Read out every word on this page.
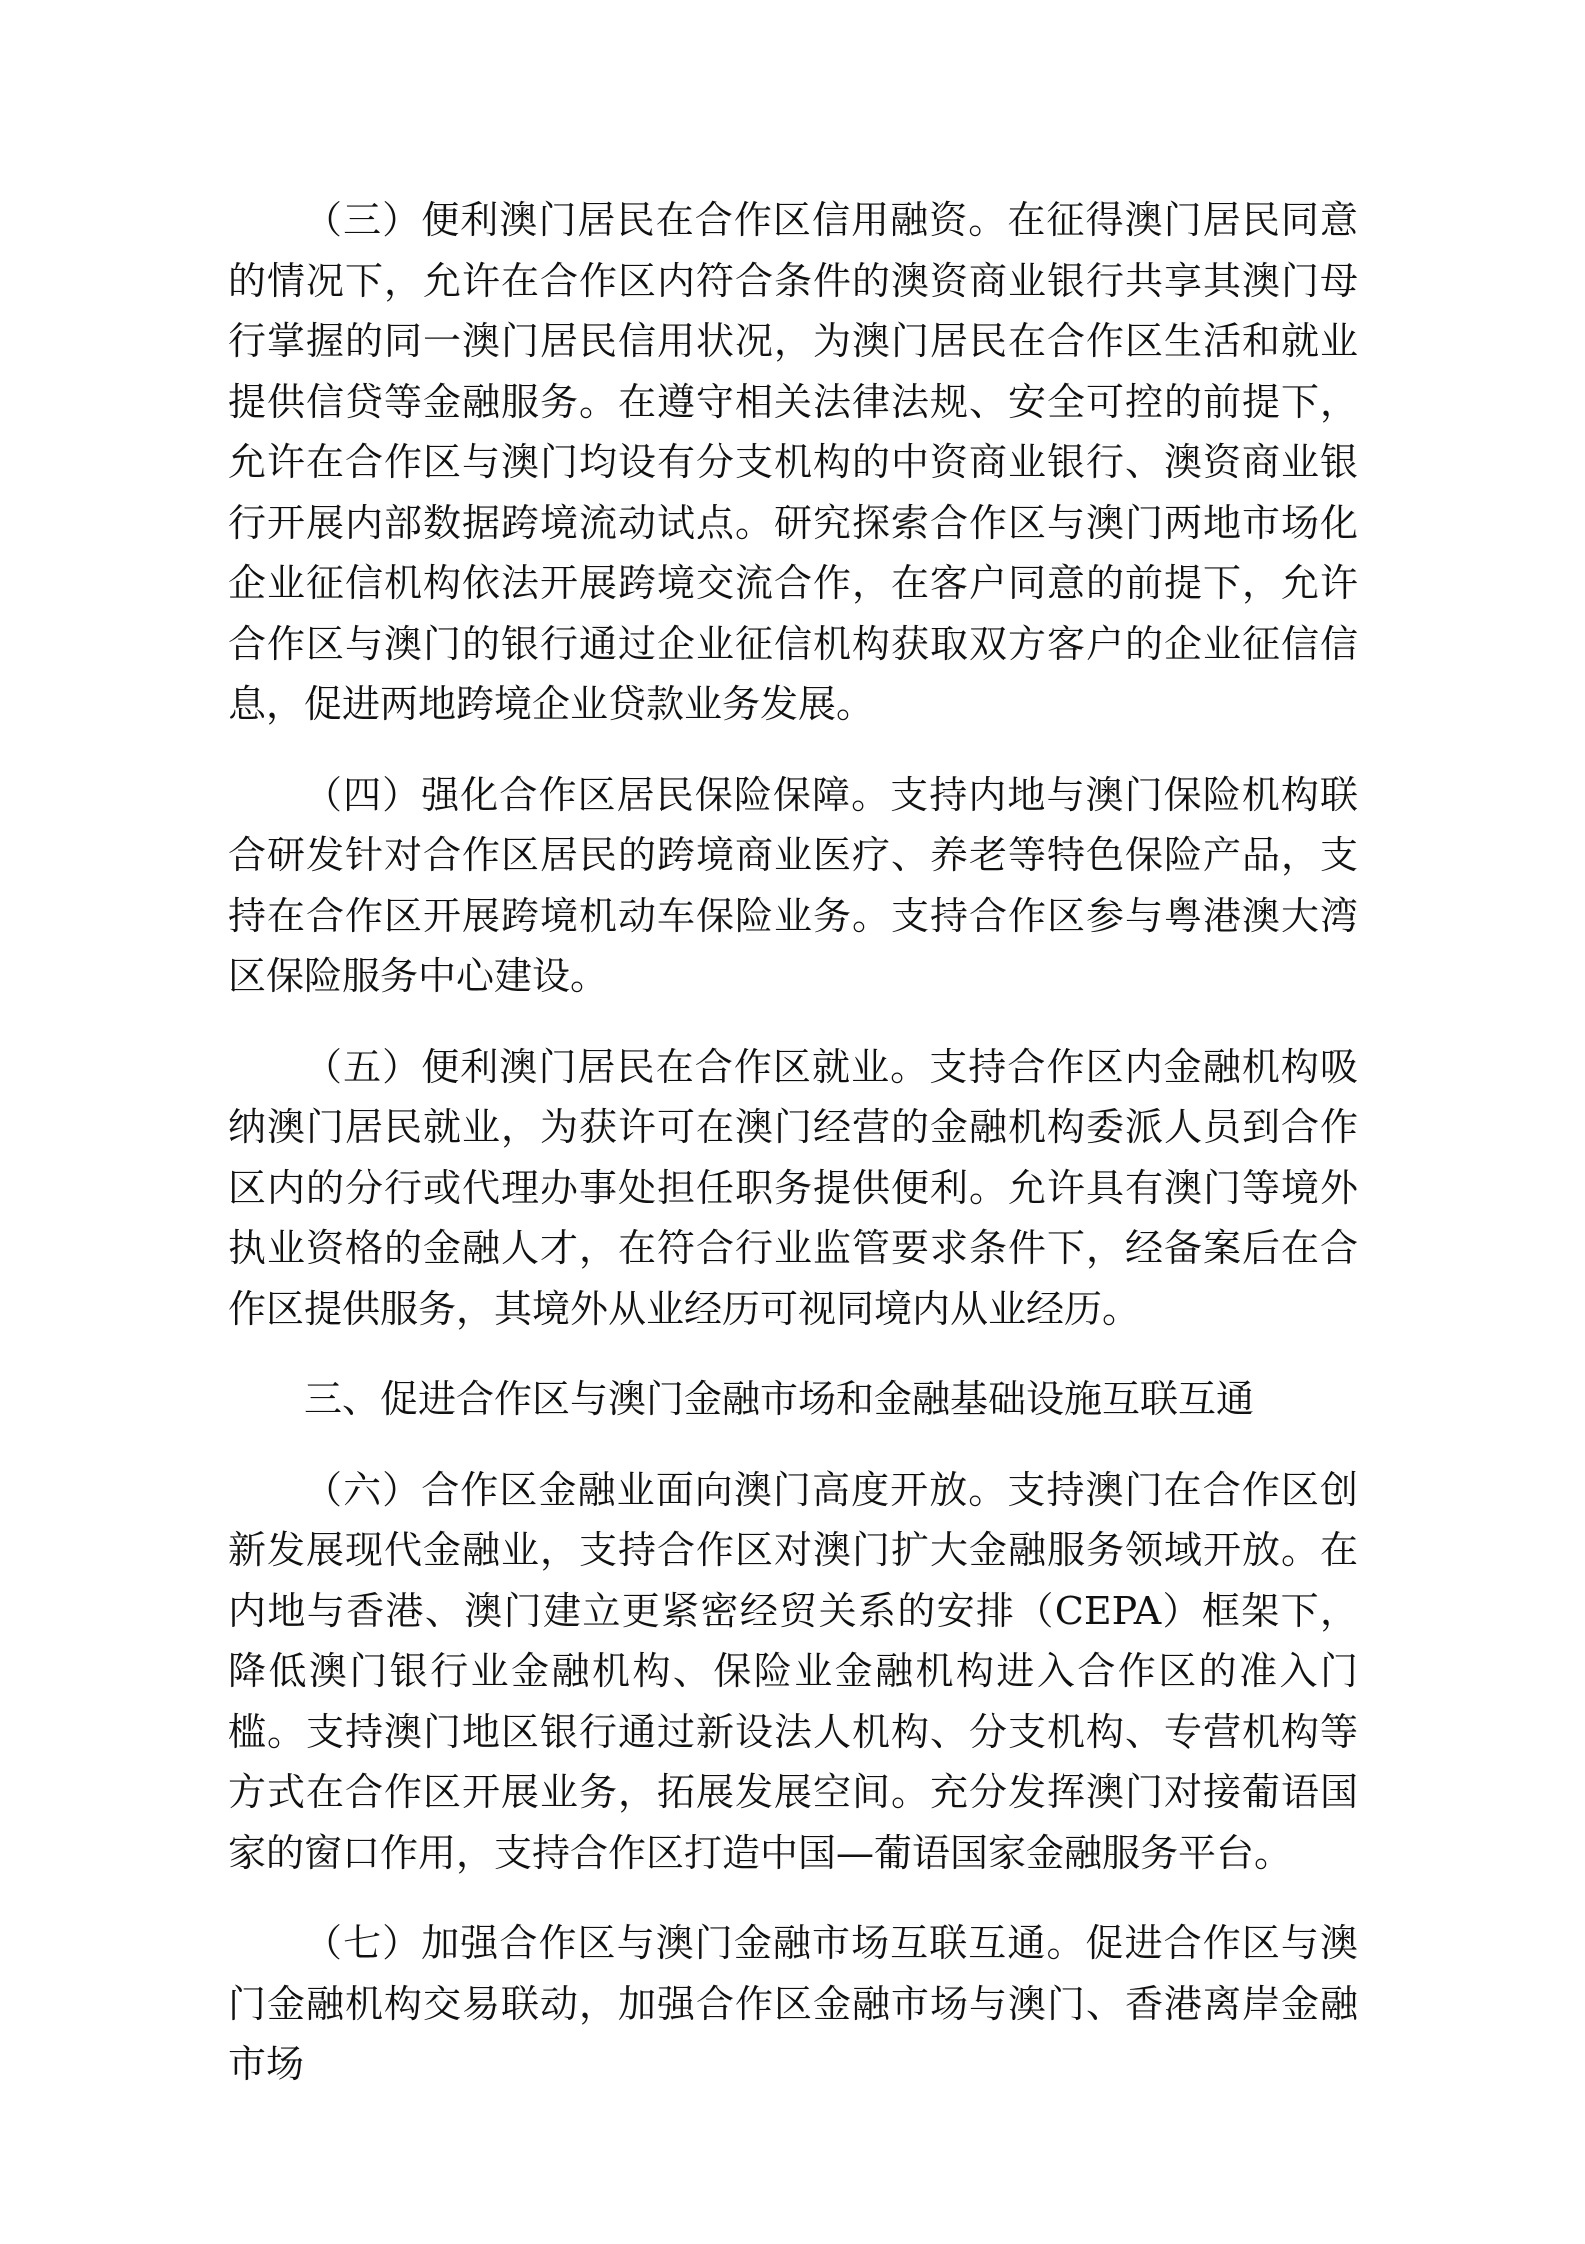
（三）便利澳门居民在合作区信用融资。在征得澳门居民同意的情况下，允许在合作区内符合条件的澳资商业银行共享其澳门母行掌握的同一澳门居民信用状况，为澳门居民在合作区生活和就业提供信贷等金融服务。在遵守相关法律法规、安全可控的前提下，允许在合作区与澳门均设有分支机构的中资商业银行、澳资商业银行开展内部数据跨境流动试点。研究探索合作区与澳门两地市场化企业征信机构依法开展跨境交流合作，在客户同意的前提下，允许合作区与澳门的银行通过企业征信机构获取双方客户的企业征信信息，促进两地跨境企业贷款业务发展。

（四）强化合作区居民保险保障。支持内地与澳门保险机构联合研发针对合作区居民的跨境商业医疗、养老等特色保险产品，支持在合作区开展跨境机动车保险业务。支持合作区参与粤港澳大湾区保险服务中心建设。

（五）便利澳门居民在合作区就业。支持合作区内金融机构吸纳澳门居民就业，为获许可在澳门经营的金融机构委派人员到合作区内的分行或代理办事处担任职务提供便利。允许具有澳门等境外执业资格的金融人才，在符合行业监管要求条件下，经备案后在合作区提供服务，其境外从业经历可视同境内从业经历。

三、促进合作区与澳门金融市场和金融基础设施互联互通

（六）合作区金融业面向澳门高度开放。支持澳门在合作区创新发展现代金融业，支持合作区对澳门扩大金融服务领域开放。在内地与香港、澳门建立更紧密经贸关系的安排（CEPA）框架下，降低澳门银行业金融机构、保险业金融机构进入合作区的准入门槛。支持澳门地区银行通过新设法人机构、分支机构、专营机构等方式在合作区开展业务，拓展发展空间。充分发挥澳门对接葡语国家的窗口作用，支持合作区打造中国—葡语国家金融服务平台。

（七）加强合作区与澳门金融市场互联互通。促进合作区与澳门金融机构交易联动，加强合作区金融市场与澳门、香港离岸金融市场
